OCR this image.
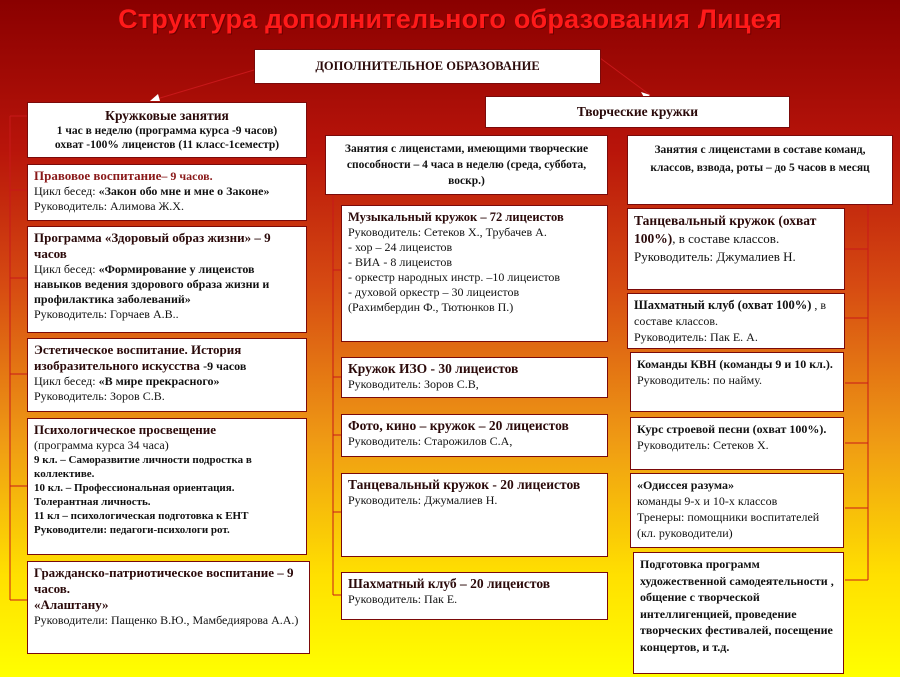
Структура дополнительного образования Лицея
ДОПОЛНИТЕЛЬНОЕ ОБРАЗОВАНИЕ
Кружковые занятия
1 час в неделю (программа курса -9 часов)
охват -100% лицеистов (11 класс-1семестр)
Творческие кружки
Занятия с лицеистами, имеющими творческие способности – 4 часа в неделю (среда, суббота, воскр.)
Занятия с лицеистами в составе команд, классов, взвода, роты – до 5 часов в месяц
Правовое воспитание– 9 часов.
Цикл бесед: «Закон обо мне и мне о Законе» Руководитель: Алимова Ж.Х.
Программа «Здоровый образ жизни» – 9 часов
Цикл бесед: «Формирование у лицеистов навыков ведения здорового образа жизни и профилактика заболеваний»
Руководитель: Горчаев А.В..
Эстетическое воспитание. История изобразительного искусства -9 часов
Цикл бесед: «В мире прекрасного»
Руководитель: Зоров С.В.
Психологическое просвещение
(программа курса 34 часа)
9 кл. – Саморазвитие личности подростка в коллективе.
10 кл. – Профессиональная ориентация. Толерантная личность.
11 кл – психологическая подготовка к ЕНТ
Руководители: педагоги-психологи рот.
Гражданско-патриотическое воспитание – 9 часов.
«Алаштану»
Руководители: Пащенко В.Ю., Мамбедиярова А.А.)
Музыкальный кружок – 72 лицеистов
Руководитель: Сетеков Х., Трубачев А.
- хор – 24 лицеистов
- ВИА - 8 лицеистов
- оркестр народных инстр. –10 лицеистов
- духовой оркестр – 30 лицеистов
(Рахимбердин Ф., Тютюнков П.)
Кружок ИЗО - 30 лицеистов
Руководитель: Зоров С.В,
Фото, кино – кружок – 20 лицеистов
Руководитель: Старожилов С.А,
Танцевальный кружок - 20 лицеистов
Руководитель: Джумалиев Н.
Шахматный клуб – 20 лицеистов
Руководитель: Пак Е.
Танцевальный кружок (охват 100%), в составе классов.
Руководитель: Джумалиев Н.
Шахматный клуб (охват 100%) , в составе классов.
Руководитель: Пак Е. А.
Команды КВН (команды 9 и 10 кл.).
Руководитель: по найму.
Курс строевой песни (охват 100%).
Руководитель: Сетеков Х.
«Одиссея разума»
команды 9-х и 10-х классов
Тренеры: помощники воспитателей (кл. руководители)
Подготовка программ художественной самодеятельности , общение с творческой интеллигенцией, проведение творческих фестивалей, посещение концертов, и т.д.
